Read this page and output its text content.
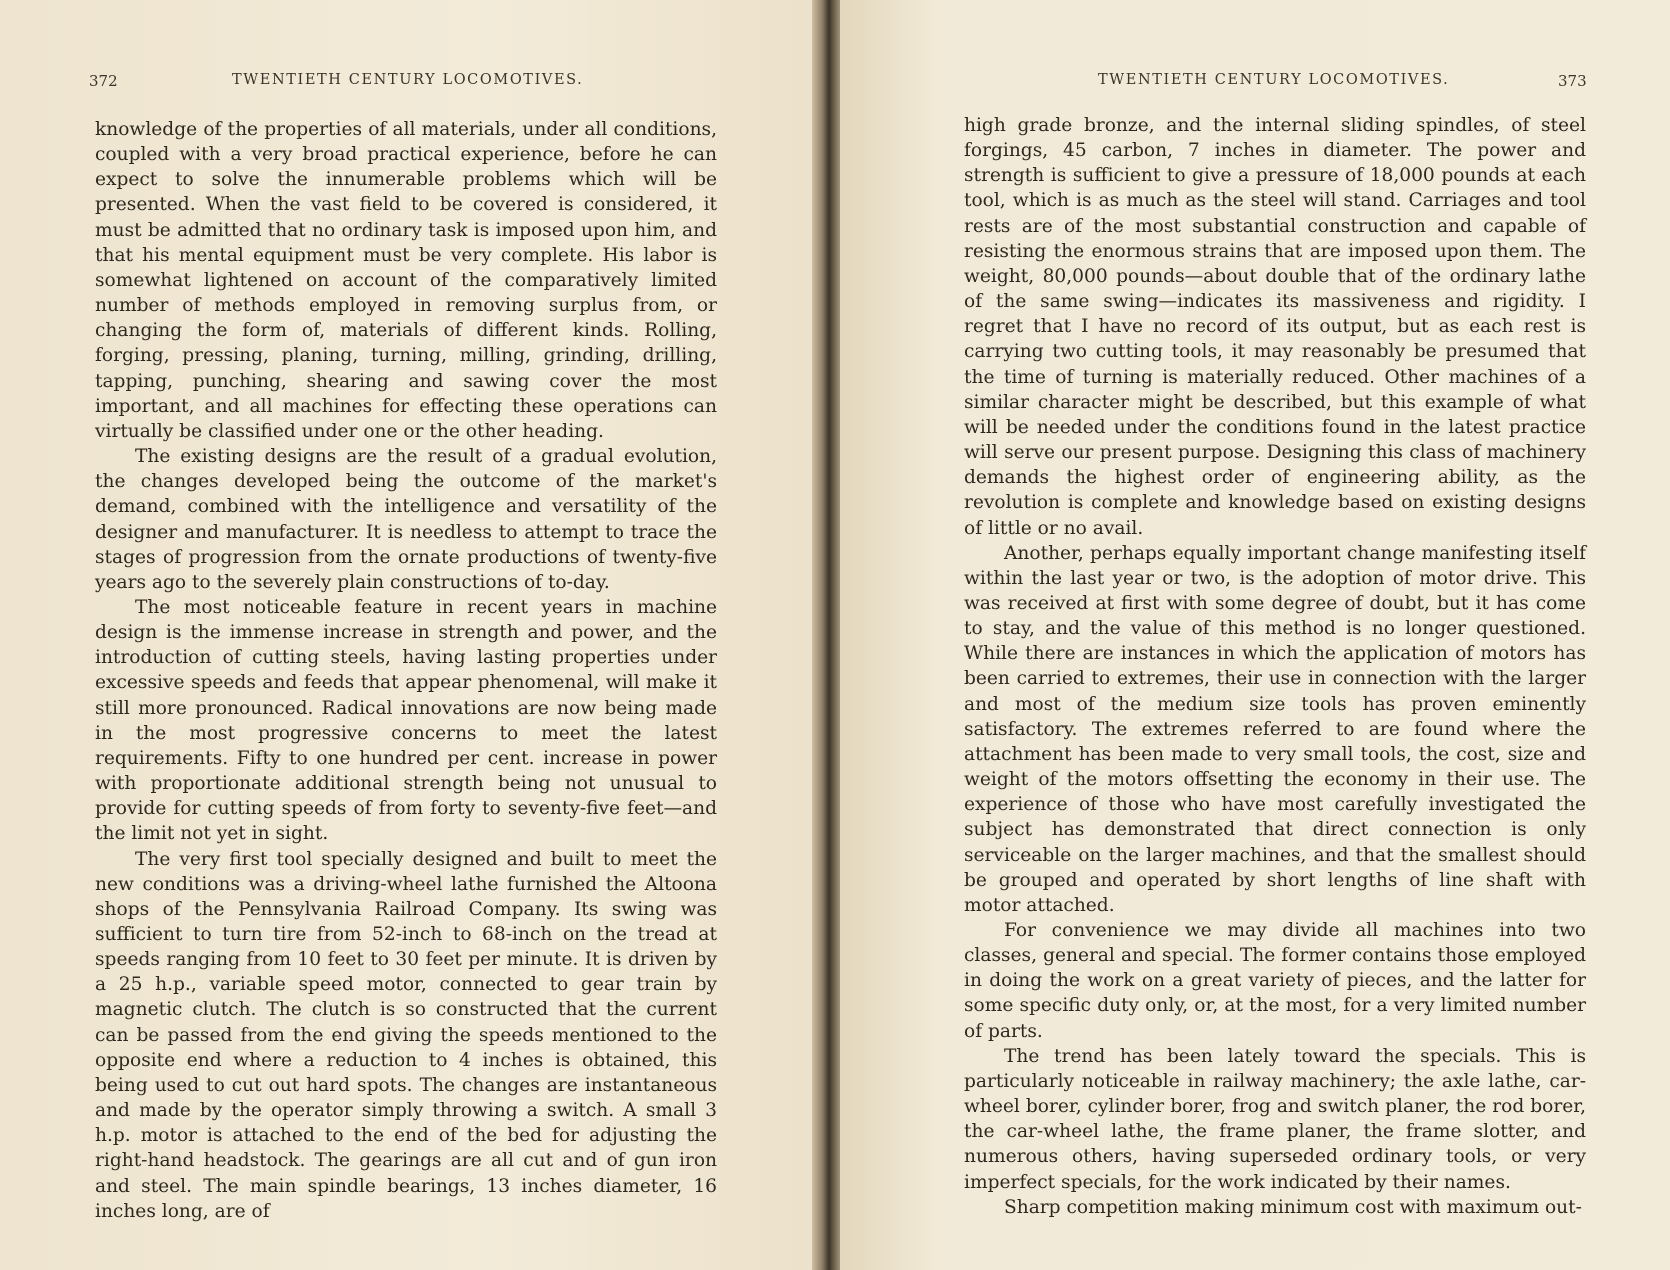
372	TWENTIETH CENTURY LOCOMOTIVES.

knowledge of the properties of all materials, under all conditions, coupled with a very broad practical experience, before he can expect to solve the innumerable problems which will be presented. When the vast field to be covered is considered, it must be admitted that no ordinary task is imposed upon him, and that his mental equipment must be very complete. His labor is somewhat lightened on account of the comparatively limited number of methods employed in removing surplus from, or changing the form of, materials of different kinds. Rolling, forging, pressing, planing, turning, milling, grinding, drilling, tapping, punching, shearing and sawing cover the most important, and all machines for effecting these operations can virtually be classified under one or the other heading.

The existing designs are the result of a gradual evolution, the changes developed being the outcome of the market's demand, combined with the intelligence and versatility of the designer and manufacturer. It is needless to attempt to trace the stages of progression from the ornate productions of twenty-five years ago to the severely plain constructions of to-day.

The most noticeable feature in recent years in machine design is the immense increase in strength and power, and the introduction of cutting steels, having lasting properties under excessive speeds and feeds that appear phenomenal, will make it still more pronounced. Radical innovations are now being made in the most progressive concerns to meet the latest requirements. Fifty to one hundred per cent. increase in power with proportionate additional strength being not unusual to provide for cutting speeds of from forty to seventy-five feet—and the limit not yet in sight.

The very first tool specially designed and built to meet the new conditions was a driving-wheel lathe furnished the Altoona shops of the Pennsylvania Railroad Company. Its swing was sufficient to turn tire from 52-inch to 68-inch on the tread at speeds ranging from 10 feet to 30 feet per minute. It is driven by a 25 h.p., variable speed motor, connected to gear train by magnetic clutch. The clutch is so constructed that the current can be passed from the end giving the speeds mentioned to the opposite end where a reduction to 4 inches is obtained, this being used to cut out hard spots. The changes are instantaneous and made by the operator simply throwing a switch. A small 3 h.p. motor is attached to the end of the bed for adjusting the right-hand headstock. The gearings are all cut and of gun iron and steel. The main spindle bearings, 13 inches diameter, 16 inches long, are of

TWENTIETH CENTURY LOCOMOTIVES.	373

high grade bronze, and the internal sliding spindles, of steel forgings, 45 carbon, 7 inches in diameter. The power and strength is sufficient to give a pressure of 18,000 pounds at each tool, which is as much as the steel will stand. Carriages and tool rests are of the most substantial construction and capable of resisting the enormous strains that are imposed upon them. The weight, 80,000 pounds—about double that of the ordinary lathe of the same swing—indicates its massiveness and rigidity. I regret that I have no record of its output, but as each rest is carrying two cutting tools, it may reasonably be presumed that the time of turning is materially reduced. Other machines of a similar character might be described, but this example of what will be needed under the conditions found in the latest practice will serve our present purpose. Designing this class of machinery demands the highest order of engineering ability, as the revolution is complete and knowledge based on existing designs of little or no avail.

Another, perhaps equally important change manifesting itself within the last year or two, is the adoption of motor drive. This was received at first with some degree of doubt, but it has come to stay, and the value of this method is no longer questioned. While there are instances in which the application of motors has been carried to extremes, their use in connection with the larger and most of the medium size tools has proven eminently satisfactory. The extremes referred to are found where the attachment has been made to very small tools, the cost, size and weight of the motors offsetting the economy in their use. The experience of those who have most carefully investigated the subject has demonstrated that direct connection is only serviceable on the larger machines, and that the smallest should be grouped and operated by short lengths of line shaft with motor attached.

For convenience we may divide all machines into two classes, general and special. The former contains those employed in doing the work on a great variety of pieces, and the latter for some specific duty only, or, at the most, for a very limited number of parts.

The trend has been lately toward the specials. This is particularly noticeable in railway machinery; the axle lathe, car-wheel borer, cylinder borer, frog and switch planer, the rod borer, the car-wheel lathe, the frame planer, the frame slotter, and numerous others, having superseded ordinary tools, or very imperfect specials, for the work indicated by their names.

Sharp competition making minimum cost with maximum out-
